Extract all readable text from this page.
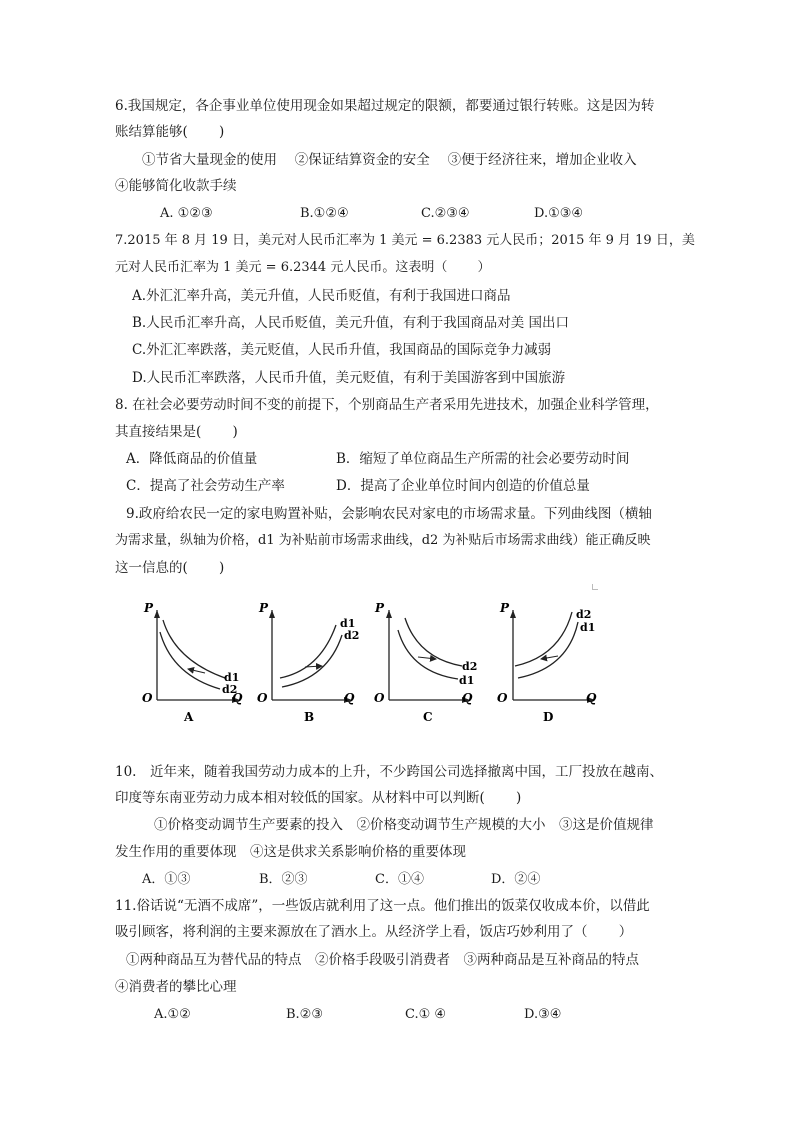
6.我国规定，各企事业单位使用现金如果超过规定的限额，都要通过银行转账。这是因为转
账结算能够(　　 )
①节省大量现金的使用　 ②保证结算资金的安全　 ③便于经济往来，增加企业收入
④能够简化收款手续
A. ①②③	B.①②④	C.②③④	D.①③④
7.2015 年 8 月 19 日，美元对人民币汇率为 1 美元 = 6.2383 元人民币；2015 年 9 月 19 日，美
元对人民币汇率为 1 美元 = 6.2344 元人民币。这表明（　　 ）
A.外汇汇率升高，美元升值，人民币贬值，有利于我国进口商品
B.人民币汇率升高，人民币贬值，美元升值，有利于我国商品对美 国出口
C.外汇汇率跌落，美元贬值，人民币升值，我国商品的国际竞争力减弱
D.人民币汇率跌落，人民币升值，美元贬值，有利于美国游客到中国旅游
8. 在社会必要劳动时间不变的前提下，个别商品生产者采用先进技术，加强企业科学管理，
其直接结果是(　　 )
A．降低商品的价值量	B．缩短了单位商品生产所需的社会必要劳动时间
C．提高了社会劳动生产率	D．提高了企业单位时间内创造的价值总量
9.政府给农民一定的家电购置补贴，会影响农民对家电的市场需求量。下列曲线图（横轴
为需求量，纵轴为价格，d1 为补贴前市场需求曲线，d2 为补贴后市场需求曲线）能正确反映
这一信息的(　　 )
P
Q
O
d1
d2
A
P
Q
O
d1
d2
B
P
Q
O
d2
d1
C
P
Q
O
d2
d1
D
10.　近年来，随着我国劳动力成本的上升，不少跨国公司选择撤离中国，工厂投放在越南、
印度等东南亚劳动力成本相对较低的国家。从材料中可以判断(　　 )
①价格变动调节生产要素的投入　②价格变动调节生产规模的大小　③这是价值规律
发生作用的重要体现　④这是供求关系影响价格的重要体现
A．①③	B．②③	C．①④	D．②④
11.俗话说“无酒不成席”，一些饭店就利用了这一点。他们推出的饭菜仅收成本价，以借此
吸引顾客，将利润的主要来源放在了酒水上。从经济学上看，饭店巧妙利用了（　　 ）
①两种商品互为替代品的特点　②价格手段吸引消费者　③两种商品是互补商品的特点
④消费者的攀比心理
A.①②	B.②③	C.① ④	D.③④
